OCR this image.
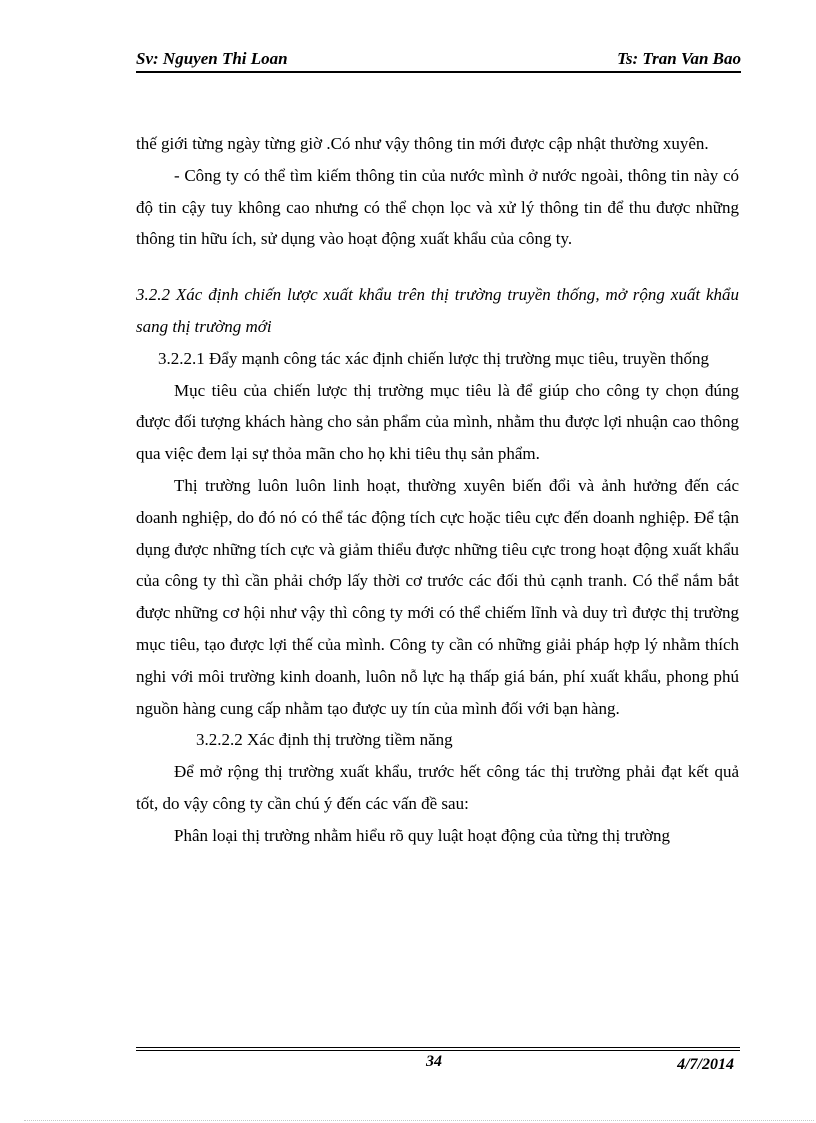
Sv: Nguyen Thi Loan	Ts: Tran Van Bao

thế giới từng ngày từng giờ .Có như vậy thông tin mới được cập nhật thường xuyên.

- Công ty có thể tìm kiếm thông tin của nước mình ở nước ngoài, thông tin này có độ tin cậy tuy không cao nhưng có thể chọn lọc và xử lý thông tin để thu được những thông tin hữu ích, sử dụng vào hoạt động xuất khẩu của công ty.

3.2.2 Xác định chiến lược xuất khẩu trên thị trường truyền thống, mở rộng xuất khẩu sang thị trường mới

3.2.2.1 Đẩy mạnh công tác xác định chiến lược thị trường mục tiêu, truyền thống

Mục tiêu của chiến lược thị trường mục tiêu là để giúp cho công ty chọn đúng được đối tượng khách hàng cho sản phẩm của mình, nhằm thu được lợi nhuận cao thông qua việc đem lại sự thỏa mãn cho họ khi tiêu thụ sản phẩm.

Thị trường luôn luôn linh hoạt, thường xuyên biến đổi và ảnh hưởng đến các doanh nghiệp, do đó nó có thể tác động tích cực hoặc tiêu cực đến doanh nghiệp. Để tận dụng được những tích cực và giảm thiểu được những tiêu cực trong hoạt động xuất khẩu của công ty thì cần phải chớp lấy thời cơ trước các đối thủ cạnh tranh. Có thể nắm bắt được những cơ hội như vậy thì công ty mới có thể chiếm lĩnh và duy trì được thị trường mục tiêu, tạo được lợi thế của mình. Công ty cần có những giải pháp hợp lý nhằm thích nghi với môi trường kinh doanh, luôn nỗ lực hạ thấp giá bán, phí xuất khẩu, phong phú nguồn hàng cung cấp nhằm tạo được uy tín của mình đối với bạn hàng.

3.2.2.2 Xác định thị trường tiềm năng

Để mở rộng thị trường xuất khẩu, trước hết công tác thị trường phải đạt kết quả tốt, do vậy công ty cần chú ý đến các vấn đề sau:

Phân loại thị trường nhằm hiểu rõ quy luật hoạt động của từng thị trường

34	4/7/2014
